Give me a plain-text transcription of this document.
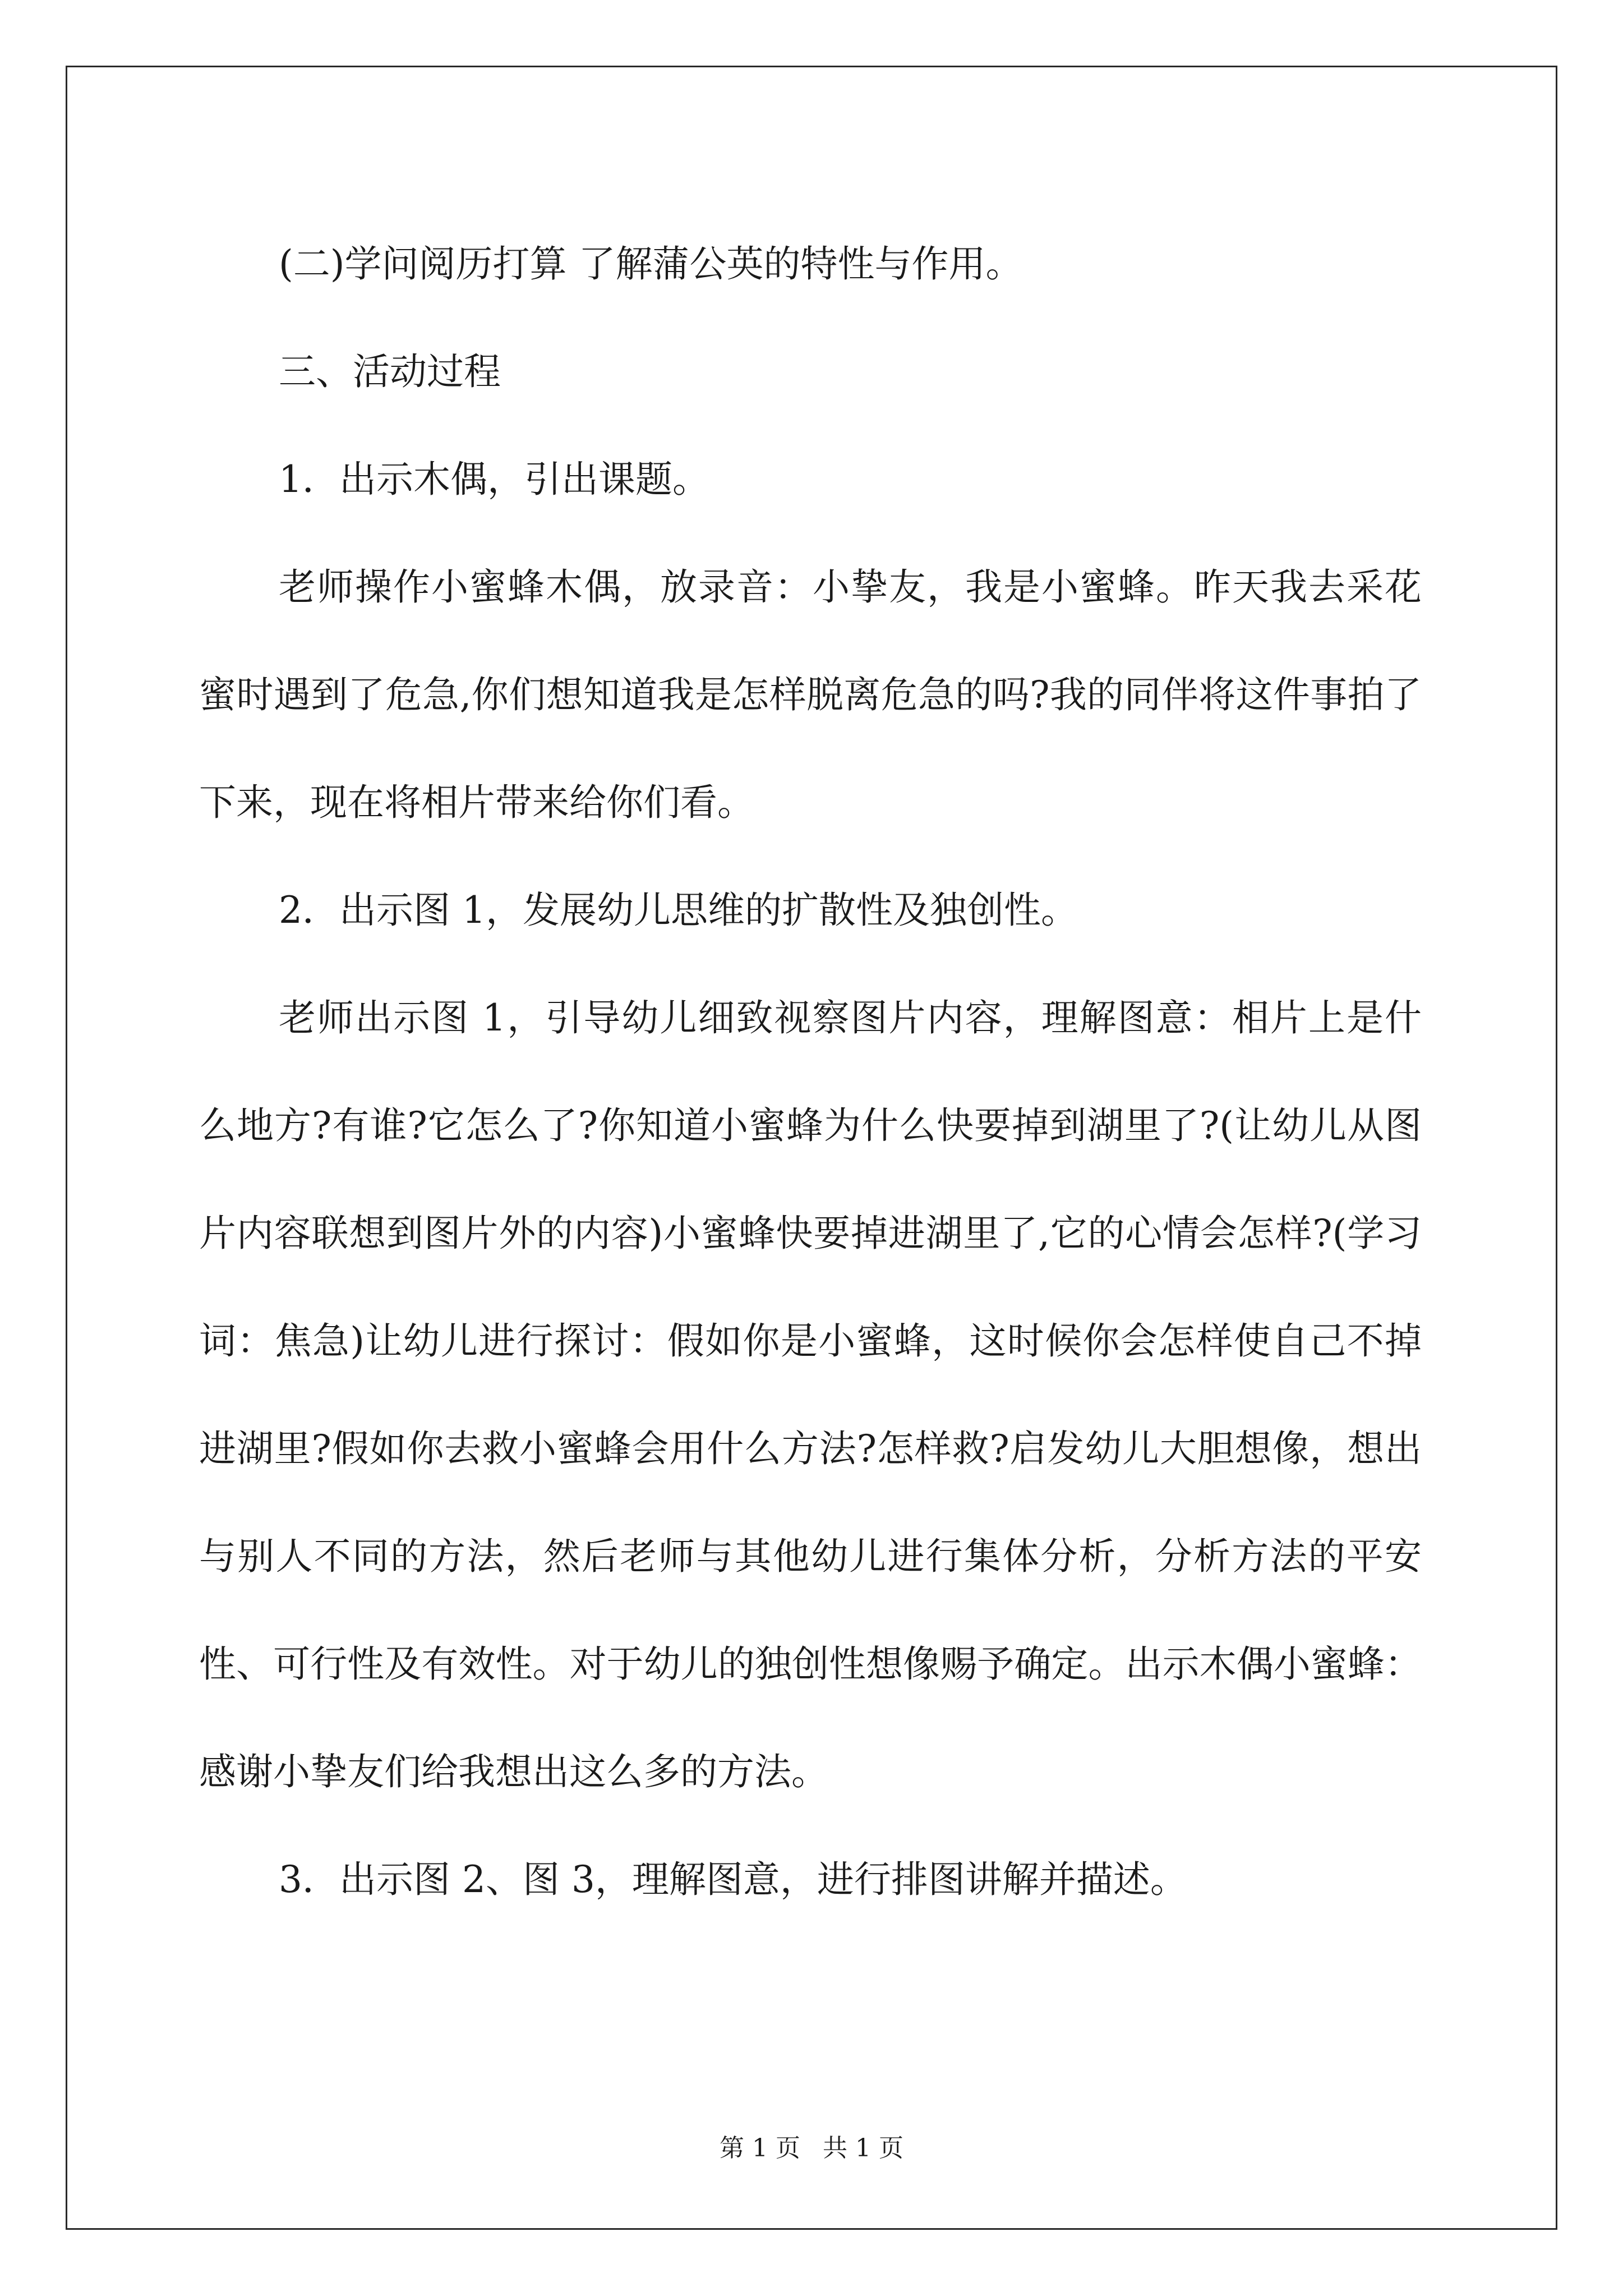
(二)学问阅历打算 了解蒲公英的特性与作用。

三、活动过程

1．出示木偶，引出课题。

老师操作小蜜蜂木偶，放录音：小挚友，我是小蜜蜂。昨天我去采花蜜时遇到了危急,你们想知道我是怎样脱离危急的吗?我的同伴将这件事拍了下来，现在将相片带来给你们看。

2．出示图 1，发展幼儿思维的扩散性及独创性。

老师出示图 1，引导幼儿细致视察图片内容，理解图意：相片上是什么地方?有谁?它怎么了?你知道小蜜蜂为什么快要掉到湖里了?(让幼儿从图片内容联想到图片外的内容)小蜜蜂快要掉进湖里了,它的心情会怎样?(学习词：焦急)让幼儿进行探讨：假如你是小蜜蜂，这时候你会怎样使自己不掉进湖里?假如你去救小蜜蜂会用什么方法?怎样救?启发幼儿大胆想像，想出与别人不同的方法，然后老师与其他幼儿进行集体分析，分析方法的平安性、可行性及有效性。对于幼儿的独创性想像赐予确定。出示木偶小蜜蜂：感谢小挚友们给我想出这么多的方法。

3．出示图 2、图 3，理解图意，进行排图讲解并描述。

第 1 页 共 1 页
